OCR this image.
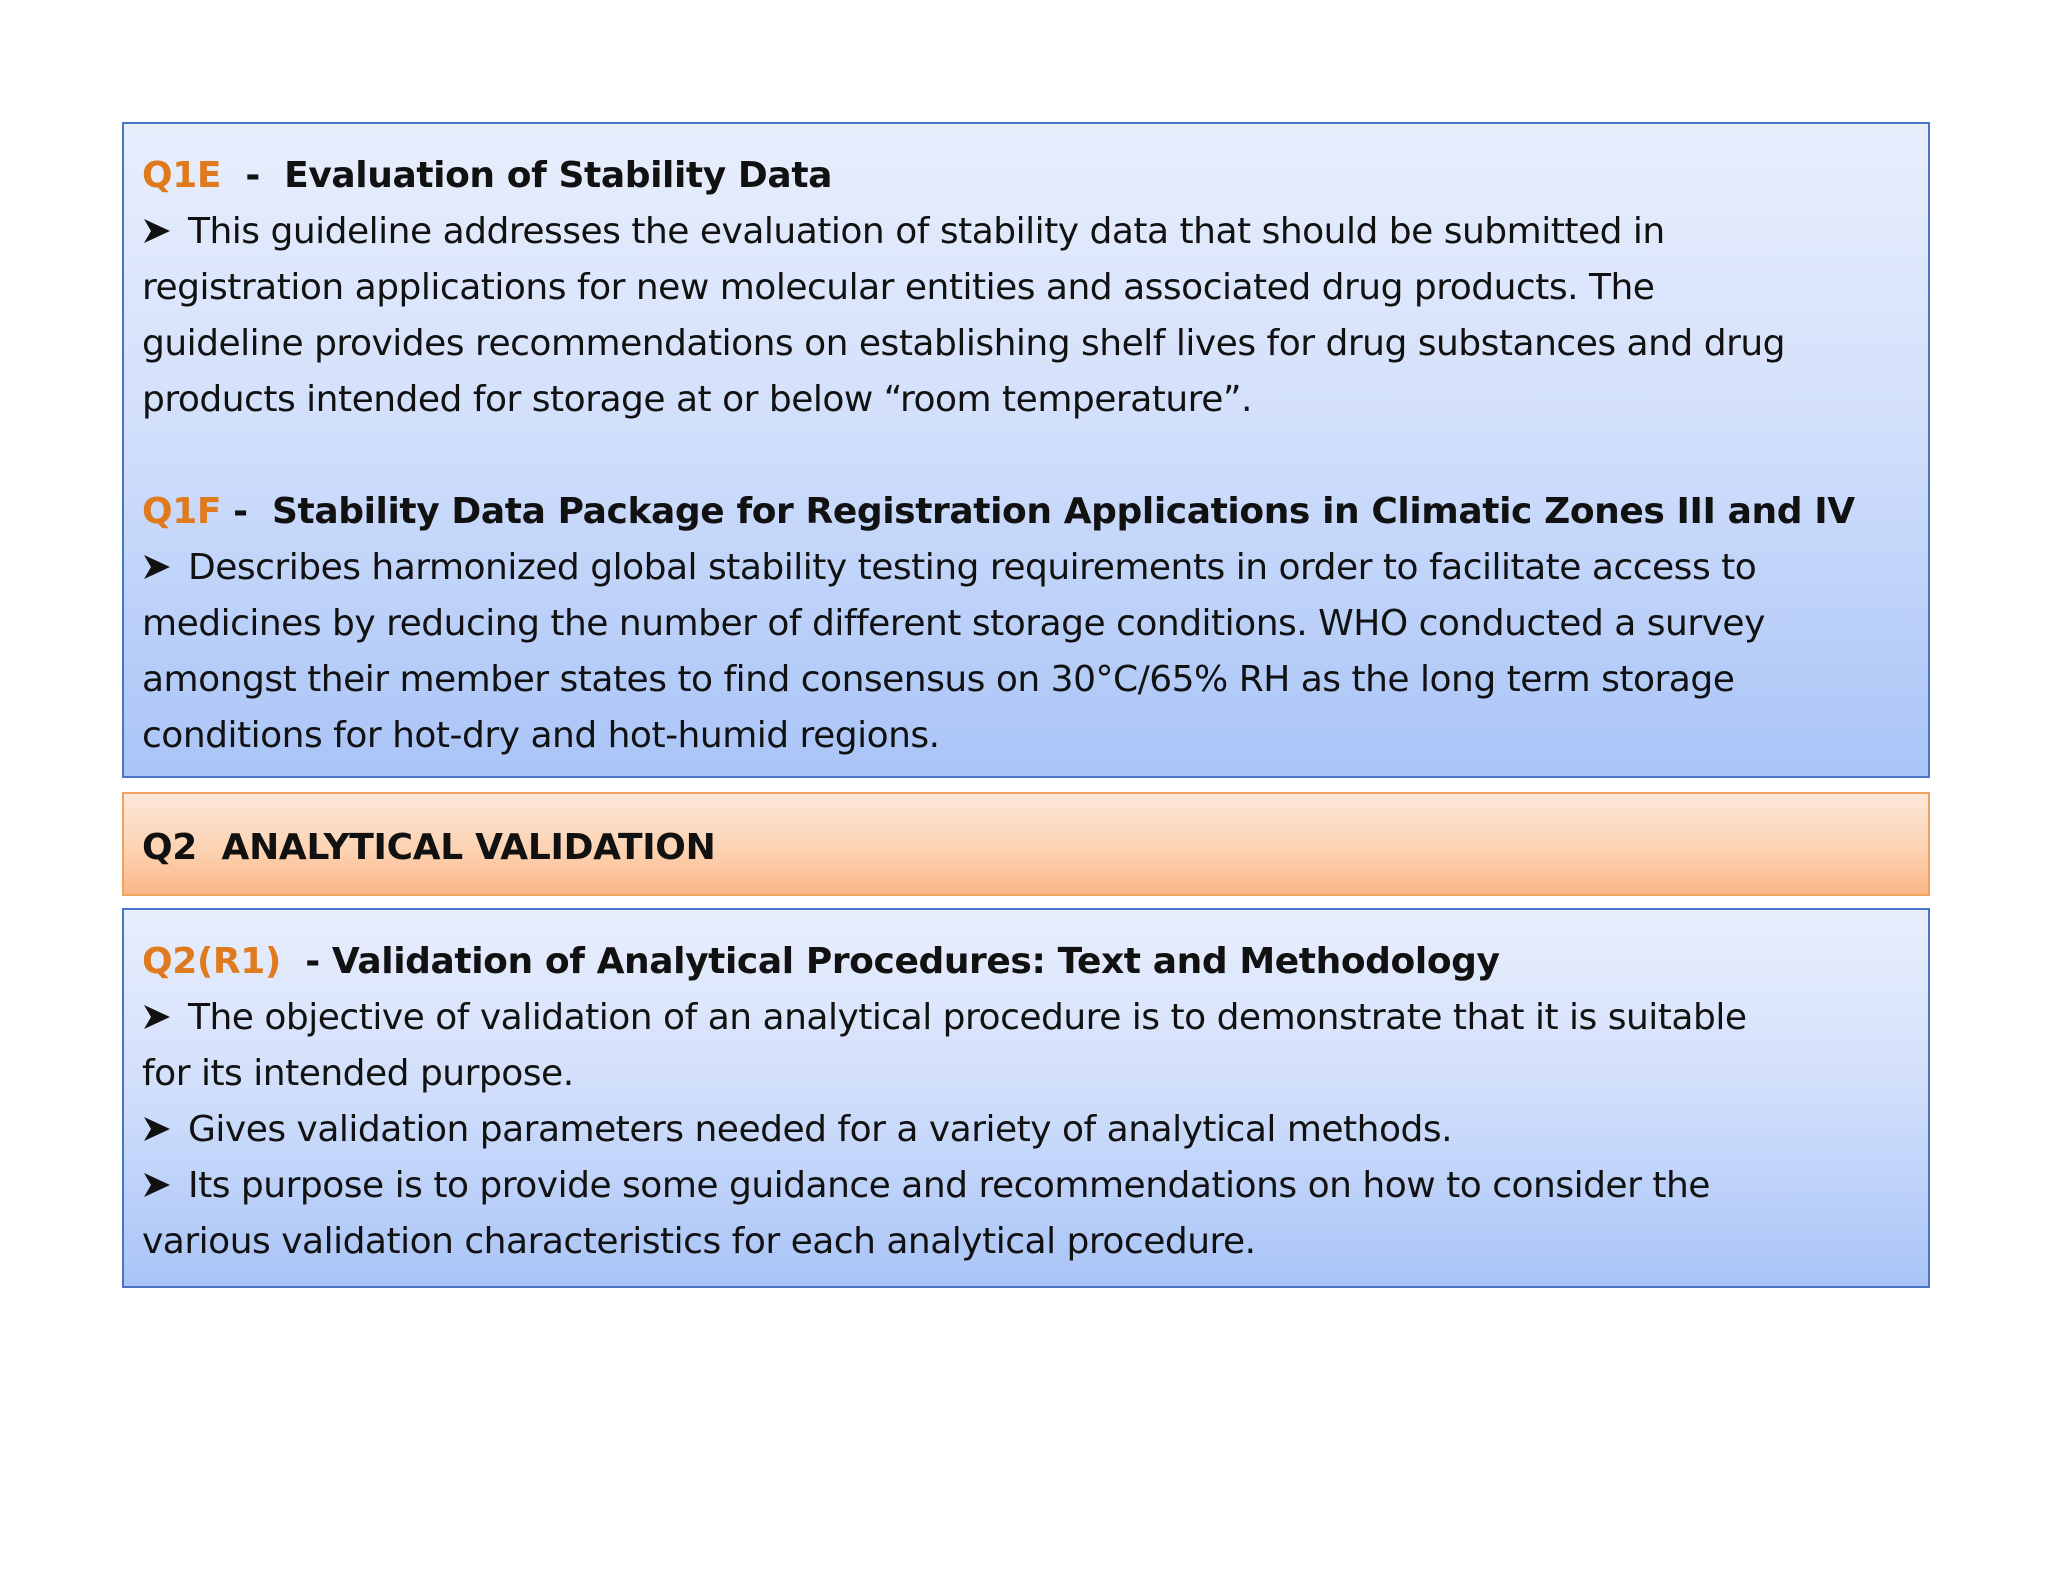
Q1E  -  Evaluation of Stability Data
This guideline addresses the evaluation of stability data that should be submitted in
registration applications for new molecular entities and associated drug products. The
guideline provides recommendations on establishing shelf lives for drug substances and drug
products intended for storage at or below “room temperature”.
Q1F -  Stability Data Package for Registration Applications in Climatic Zones III and IV
Describes harmonized global stability testing requirements in order to facilitate access to
medicines by reducing the number of different storage conditions. WHO conducted a survey
amongst their member states to find consensus on 30°C/65% RH as the long term storage
conditions for hot-dry and hot-humid regions.
Q2  ANALYTICAL VALIDATION
Q2(R1)  - Validation of Analytical Procedures: Text and Methodology
The objective of validation of an analytical procedure is to demonstrate that it is suitable
for its intended purpose.
Gives validation parameters needed for a variety of analytical methods.
Its purpose is to provide some guidance and recommendations on how to consider the
various validation characteristics for each analytical procedure.
